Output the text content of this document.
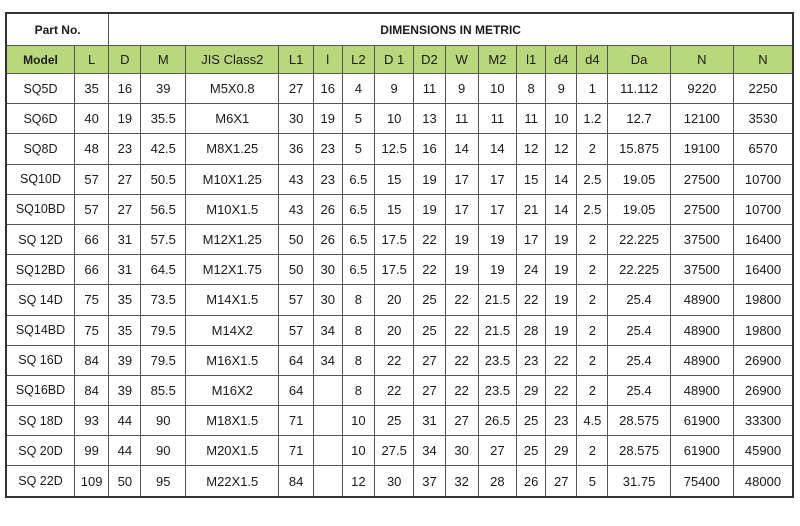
Part No.		DIMENSIONS IN METRIC															
Model	L	D	M	JIS Class2	L1	l	L2	D 1	D2	W	M2	l1	d4	d4	Da	N	N
SQ5D	35	16	39	M5X0.8	27	16	4	9	11	9	10	8	9	1	11.112	9220	2250
SQ6D	40	19	35.5	M6X1	30	19	5	10	13	11	11	11	10	1.2	12.7	12100	3530
SQ8D	48	23	42.5	M8X1.25	36	23	5	12.5	16	14	14	12	12	2	15.875	19100	6570
SQ10D	57	27	50.5	M10X1.25	43	23	6.5	15	19	17	17	15	14	2.5	19.05	27500	10700
SQ10BD	57	27	56.5	M10X1.5	43	26	6.5	15	19	17	17	21	14	2.5	19.05	27500	10700
SQ 12D	66	31	57.5	M12X1.25	50	26	6.5	17.5	22	19	19	17	19	2	22.225	37500	16400
SQ12BD	66	31	64.5	M12X1.75	50	30	6.5	17.5	22	19	19	24	19	2	22.225	37500	16400
SQ 14D	75	35	73.5	M14X1.5	57	30	8	20	25	22	21.5	22	19	2	25.4	48900	19800
SQ14BD	75	35	79.5	M14X2	57	34	8	20	25	22	21.5	28	19	2	25.4	48900	19800
SQ 16D	84	39	79.5	M16X1.5	64	34	8	22	27	22	23.5	23	22	2	25.4	48900	26900
SQ16BD	84	39	85.5	M16X2	64		8	22	27	22	23.5	29	22	2	25.4	48900	26900
SQ 18D	93	44	90	M18X1.5	71		10	25	31	27	26.5	25	23	4.5	28.575	61900	33300
SQ 20D	99	44	90	M20X1.5	71		10	27.5	34	30	27	25	29	2	28.575	61900	45900
SQ 22D	109	50	95	M22X1.5	84		12	30	37	32	28	26	27	5	31.75	75400	48000
